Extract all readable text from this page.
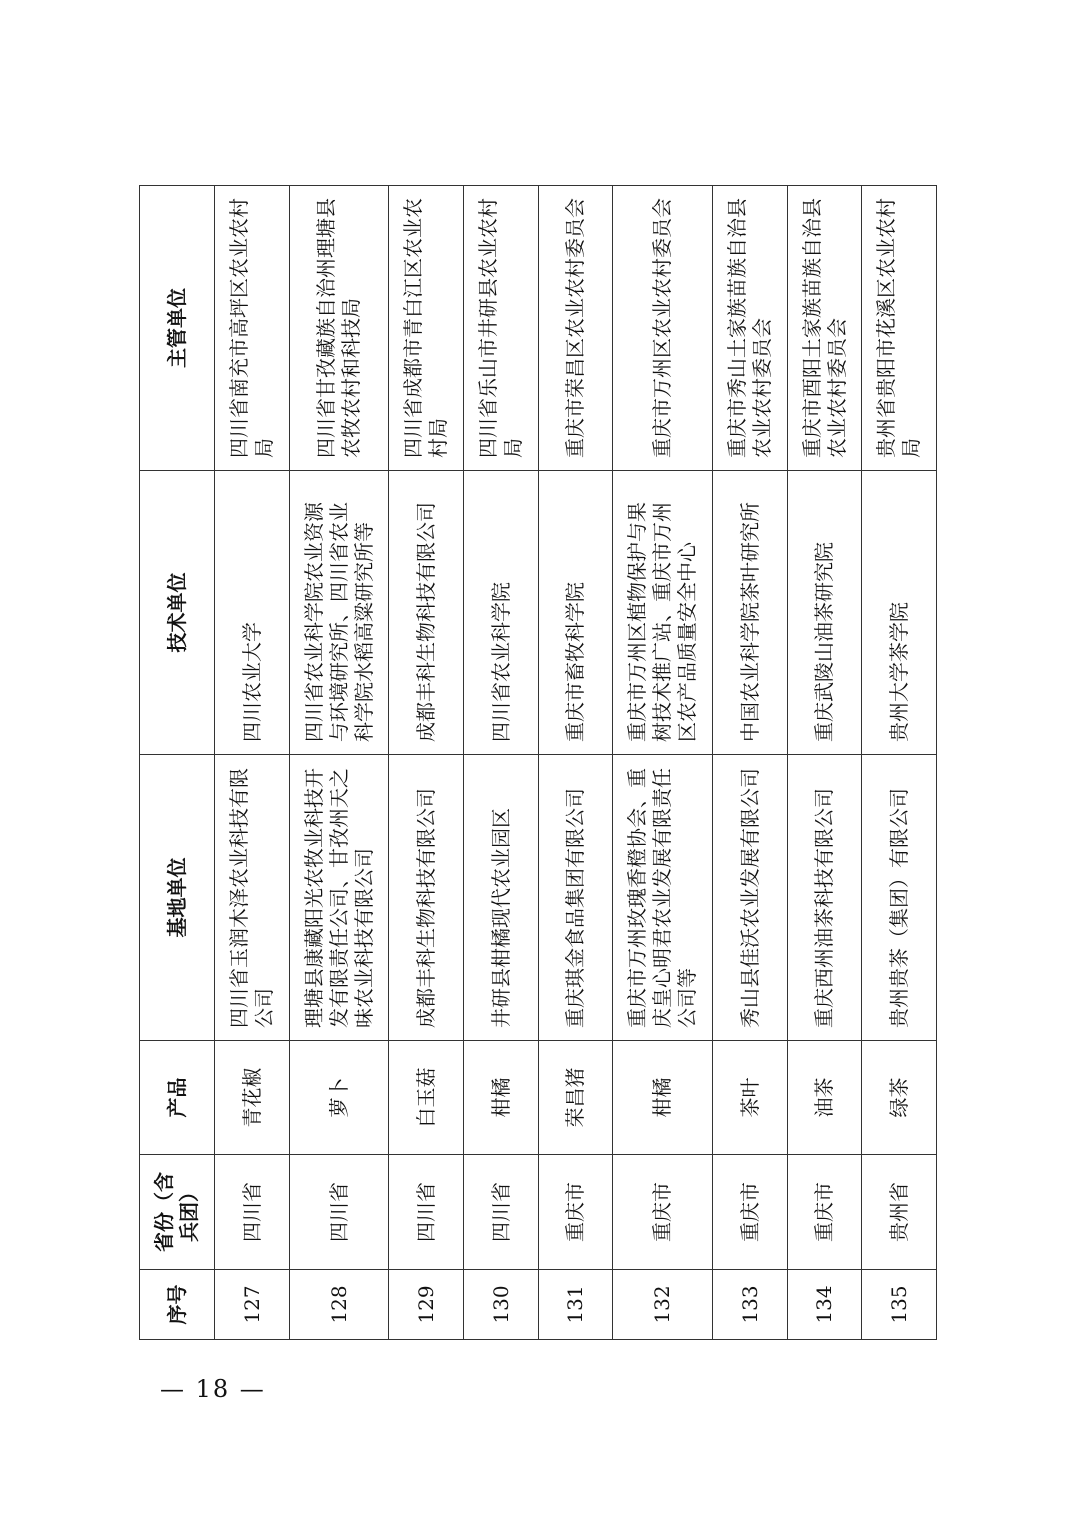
序号	省份（含兵团）	产品	基地单位	技术单位	主管单位
127	四川省	青花椒	四川省玉润木泽农业科技有限公司	四川农业大学	四川省南充市高坪区农业农村局
128	四川省	萝卜	理塘县康藏阳光农牧业科技开发有限责任公司、甘孜州天之味农业科技有限公司	四川省农业科学院农业资源与环境研究所、四川省农业科学院水稻高粱研究所等	四川省甘孜藏族自治州理塘县农牧农村和科技局
129	四川省	白玉菇	成都丰科生物科技有限公司	成都丰科生物科技有限公司	四川省成都市青白江区农业农村局
130	四川省	柑橘	井研县柑橘现代农业园区	四川省农业科学院	四川省乐山市井研县农业农村局
131	重庆市	荣昌猪	重庆琪金食品集团有限公司	重庆市畜牧科学院	重庆市荣昌区农业农村委员会
132	重庆市	柑橘	重庆市万州玫瑰香橙协会、重庆皇心明君农业发展有限责任公司等	重庆市万州区植物保护与果树技术推广站、重庆市万州区农产品质量安全中心	重庆市万州区农业农村委员会
133	重庆市	茶叶	秀山县佳沃农业发展有限公司	中国农业科学院茶叶研究所	重庆市秀山土家族苗族自治县农业农村委员会
134	重庆市	油茶	重庆西州油茶科技有限公司	重庆武陵山油茶研究院	重庆市酉阳土家族苗族自治县农业农村委员会
135	贵州省	绿茶	贵州贵茶（集团）有限公司	贵州大学茶学院	贵州省贵阳市花溪区农业农村局
— 18 —
